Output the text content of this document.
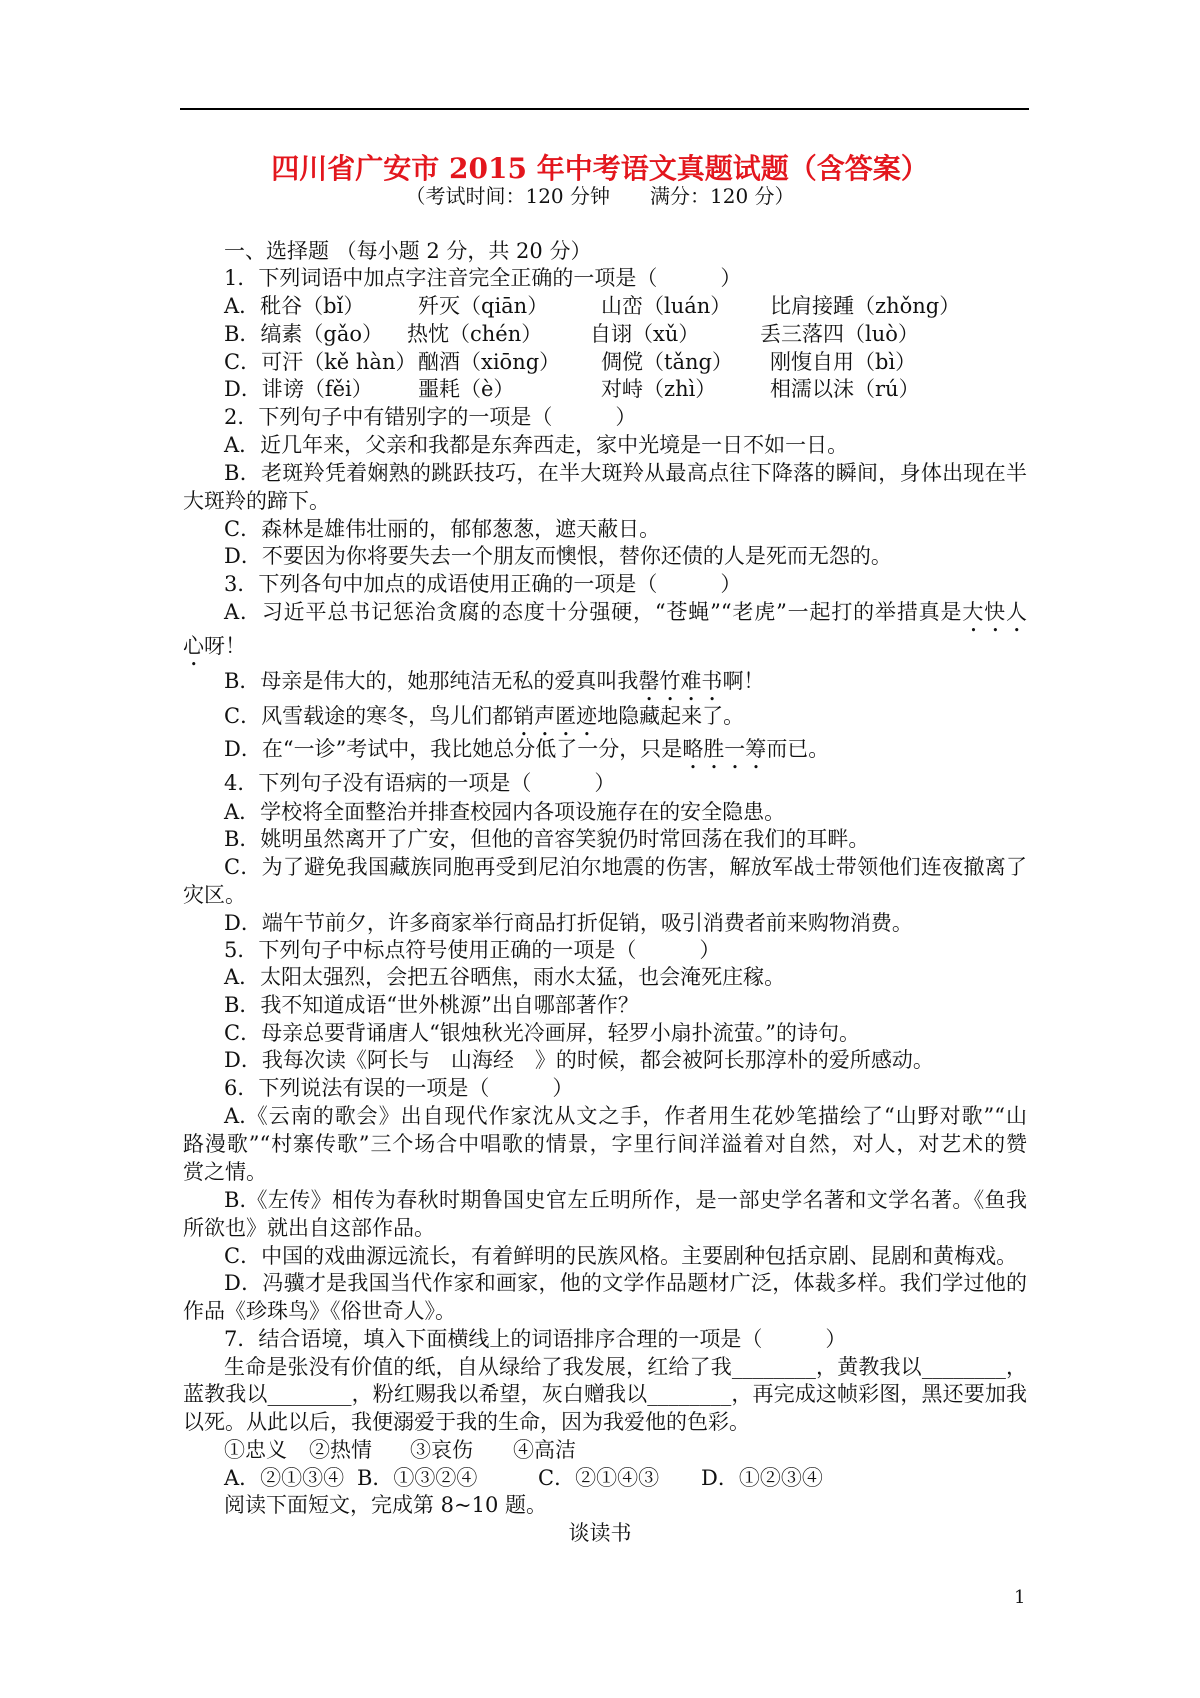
四川省广安市 2015 年中考语文真题试题（含答案）
（考试时间：120 分钟　　满分：120 分）
一、选择题 （每小题 2 分，共 20 分）
1．下列词语中加点字注音完全正确的一项是（　　　）
A．秕谷（bǐ）	歼灭（qiān）	山峦（luán） 比肩接踵（zhǒng）
B．缟素（gǎo） 热忱（chén） 自诩（xǔ）	丢三落四（luò）
C．可汗（kě hàn） 酗酒（xiōng） 倜傥（tǎng） 刚愎自用（bì）
D．诽谤（fěi） 噩耗（è）	对峙（zhì）	相濡以沫（rú）
2．下列句子中有错别字的一项是（　　　）
A．近几年来，父亲和我都是东奔西走，家中光境是一日不如一日。
B．老斑羚凭着娴熟的跳跃技巧，在半大斑羚从最高点往下降落的瞬间，身体出现在半
大斑羚的蹄下。
C．森林是雄伟壮丽的，郁郁葱葱，遮天蔽日。
D．不要因为你将要失去一个朋友而懊恨，替你还债的人是死而无怨的。
3．下列各句中加点的成语使用正确的一项是（　　　）
A．习近平总书记惩治贪腐的态度十分强硬，“苍蝇”“老虎”一起打的举措真是大快人
心呀！
B．母亲是伟大的，她那纯洁无私的爱真叫我罄竹难书啊！
C．风雪载途的寒冬，鸟儿们都销声匿迹地隐藏起来了。
D．在“一诊”考试中，我比她总分低了一分，只是略胜一筹而已。
4．下列句子没有语病的一项是（　　　）
A．学校将全面整治并排查校园内各项设施存在的安全隐患。
B．姚明虽然离开了广安，但他的音容笑貌仍时常回荡在我们的耳畔。
C．为了避免我国藏族同胞再受到尼泊尔地震的伤害，解放军战士带领他们连夜撤离了
灾区。
D．端午节前夕，许多商家举行商品打折促销，吸引消费者前来购物消费。
5．下列句子中标点符号使用正确的一项是（　　　）
A．太阳太强烈，会把五谷晒焦，雨水太猛，也会淹死庄稼。
B．我不知道成语“世外桃源”出自哪部著作？
C．母亲总要背诵唐人“银烛秋光冷画屏，轻罗小扇扑流萤。”的诗句。
D．我每次读《阿长与　山海经　》的时候，都会被阿长那淳朴的爱所感动。
6．下列说法有误的一项是（　　　）
A.《云南的歌会》出自现代作家沈从文之手，作者用生花妙笔描绘了“山野对歌”“山
路漫歌”“村寨传歌”三个场合中唱歌的情景，字里行间洋溢着对自然，对人，对艺术的赞
赏之情。
B.《左传》相传为春秋时期鲁国史官左丘明所作，是一部史学名著和文学名著。《鱼我
所欲也》就出自这部作品。
C．中国的戏曲源远流长，有着鲜明的民族风格。主要剧种包括京剧、昆剧和黄梅戏。
D．冯骥才是我国当代作家和画家，他的文学作品题材广泛，体裁多样。我们学过他的
作品《珍珠鸟》《俗世奇人》。
7．结合语境，填入下面横线上的词语排序合理的一项是（　　　）
生命是张没有价值的纸，自从绿给了我发展，红给了我________，黄教我以________，
蓝教我以________，粉红赐我以希望，灰白赠我以________，再完成这帧彩图，黑还要加我
以死。从此以后，我便溺爱于我的生命，因为我爱他的色彩。
①忠义 ②热情 ③哀伤 ④高洁
A．②①③④ B．①③②④	C．②①④③ D．①②③④
阅读下面短文，完成第 8~10 题。
谈读书
1
